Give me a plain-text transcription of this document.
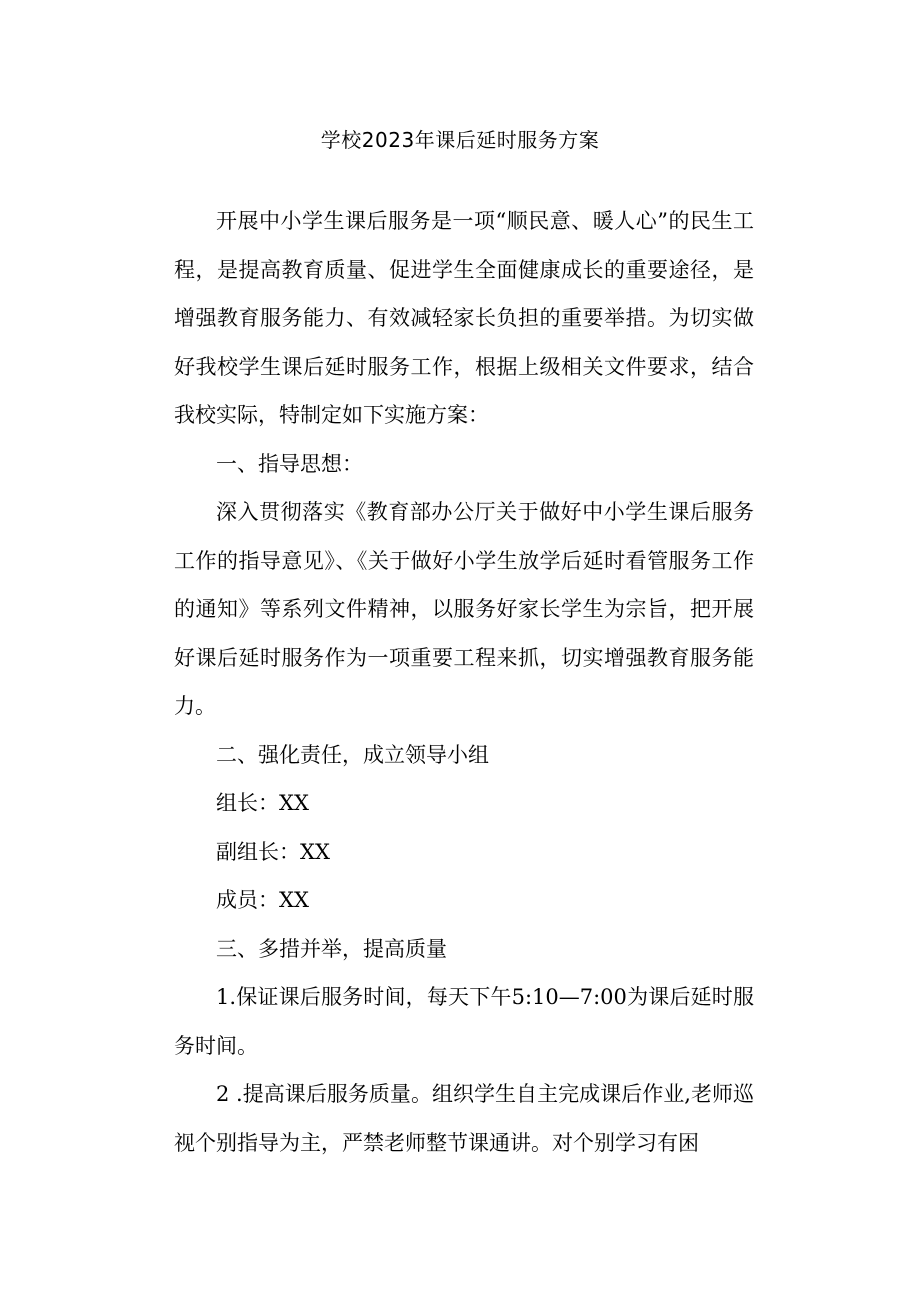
学校2023年课后延时服务方案

开展中小学生课后服务是一项“顺民意、暖人心”的民生工程，是提高教育质量、促进学生全面健康成长的重要途径，是增强教育服务能力、有效减轻家长负担的重要举措。为切实做好我校学生课后延时服务工作，根据上级相关文件要求，结合我校实际，特制定如下实施方案：

一、指导思想：

深入贯彻落实《教育部办公厅关于做好中小学生课后服务工作的指导意见》、《关于做好小学生放学后延时看管服务工作的通知》等系列文件精神，以服务好家长学生为宗旨，把开展好课后延时服务作为一项重要工程来抓，切实增强教育服务能力。

二、强化责任，成立领导小组

组长：XX

副组长：XX

成员：XX

三、多措并举，提高质量

1.保证课后服务时间，每天下午5:10—7:00为课后延时服务时间。

2 .提高课后服务质量。组织学生自主完成课后作业,老师巡视个别指导为主，严禁老师整节课通讲。对个别学习有困
